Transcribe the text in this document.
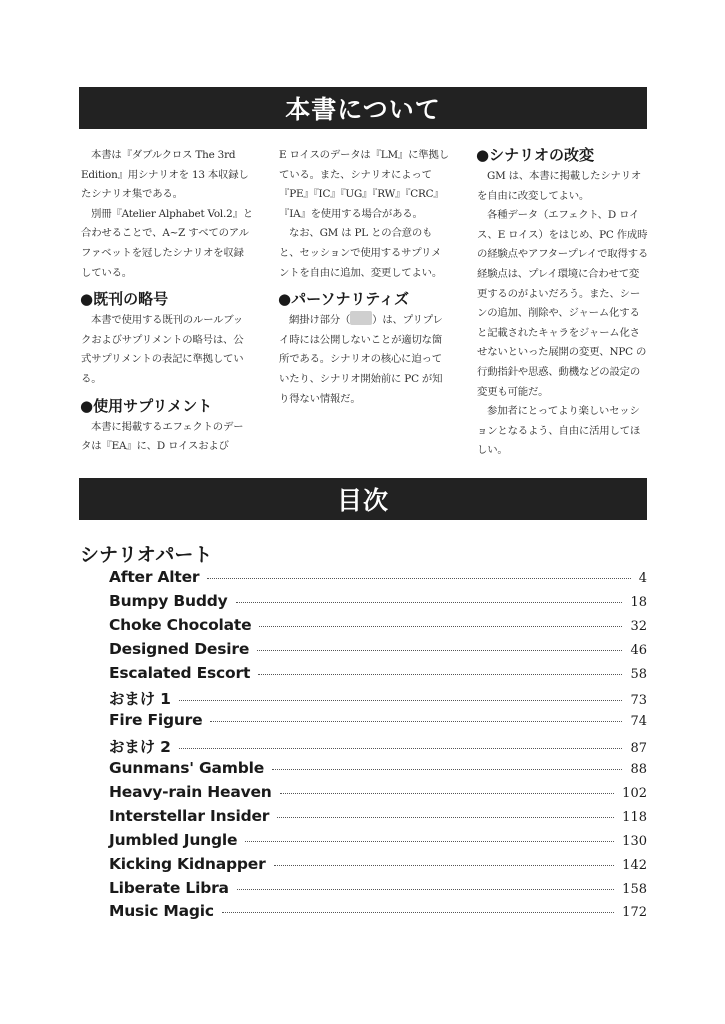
本書について

本書は『ダブルクロス The 3rd Edition』用シナリオを 13 本収録したシナリオ集である。

別冊『Atelier Alphabet Vol.2』と合わせることで、A~Z すべてのアルファベットを冠したシナリオを収録している。

●既刊の略号

本書で使用する既刊のルールブックおよびサプリメントの略号は、公式サプリメントの表記に準拠している。

●使用サプリメント

本書に掲載するエフェクトのデータは『EA』に、D ロイスおよび

E ロイスのデータは『LM』に準拠している。また、シナリオによって『PE』『IC』『UG』『RW』『CRC』『IA』を使用する場合がある。

なお、GM は PL との合意のもと、セッションで使用するサプリメントを自由に追加、変更してよい。

●パーソナリティズ

網掛け部分（ ）は、プリプレイ時には公開しないことが適切な箇所である。シナリオの核心に迫っていたり、シナリオ開始前に PC が知り得ない情報だ。

●シナリオの改変

GM は、本書に掲載したシナリオを自由に改変してよい。

各種データ（エフェクト、D ロイス、E ロイス）をはじめ、PC 作成時の経験点やアフタープレイで取得する経験点は、プレイ環境に合わせて変更するのがよいだろう。また、シーンの追加、削除や、ジャーム化すると記載されたキャラをジャーム化させないといった展開の変更、NPC の行動指針や思惑、動機などの設定の変更も可能だ。

参加者にとってより楽しいセッションとなるよう、自由に活用してほしい。

目次
シナリオパート
After Alter	4
Bumpy Buddy	18
Choke Chocolate	32
Designed Desire	46
Escalated Escort	58
おまけ 1	73
Fire Figure	74
おまけ 2	87
Gunmans' Gamble	88
Heavy-rain Heaven	102
Interstellar Insider	118
Jumbled Jungle	130
Kicking Kidnapper	142
Liberate Libra	158
Music Magic	172
